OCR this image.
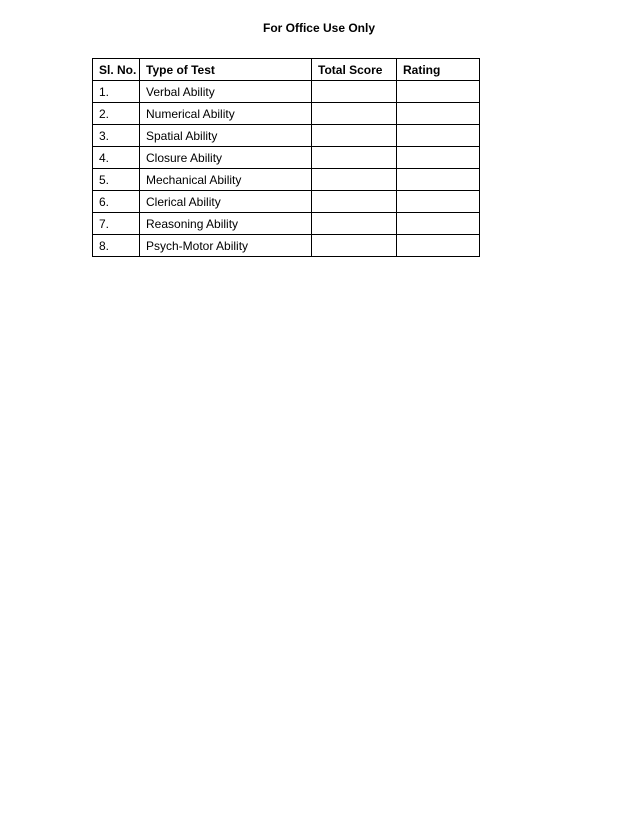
For Office Use Only
Sl. No.	Type of Test	Total Score	Rating
1.	Verbal Ability		
2.	Numerical Ability		
3.	Spatial Ability		
4.	Closure Ability		
5.	Mechanical Ability		
6.	Clerical Ability		
7.	Reasoning Ability		
8.	Psych-Motor Ability		
